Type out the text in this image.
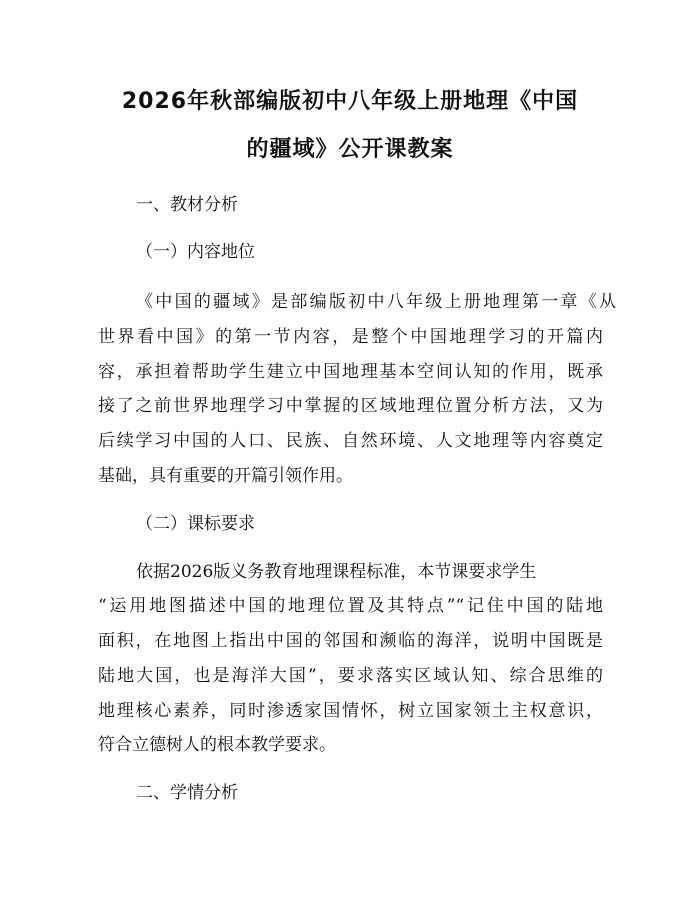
2026年秋部编版初中八年级上册地理《中国
的疆域》公开课教案

一、教材分析

（一）内容地位

《中国的疆域》是部编版初中八年级上册地理第一章《从

世界看中国》的第一节内容，是整个中国地理学习的开篇内

容，承担着帮助学生建立中国地理基本空间认知的作用，既承

接了之前世界地理学习中掌握的区域地理位置分析方法，又为

后续学习中国的人口、民族、自然环境、人文地理等内容奠定

基础，具有重要的开篇引领作用。

（二）课标要求

依据2026版义务教育地理课程标准，本节课要求学生

“运用地图描述中国的地理位置及其特点”“记住中国的陆地

面积，在地图上指出中国的邻国和濒临的海洋，说明中国既是

陆地大国，也是海洋大国”，要求落实区域认知、综合思维的

地理核心素养，同时渗透家国情怀，树立国家领土主权意识，

符合立德树人的根本教学要求。

二、学情分析
